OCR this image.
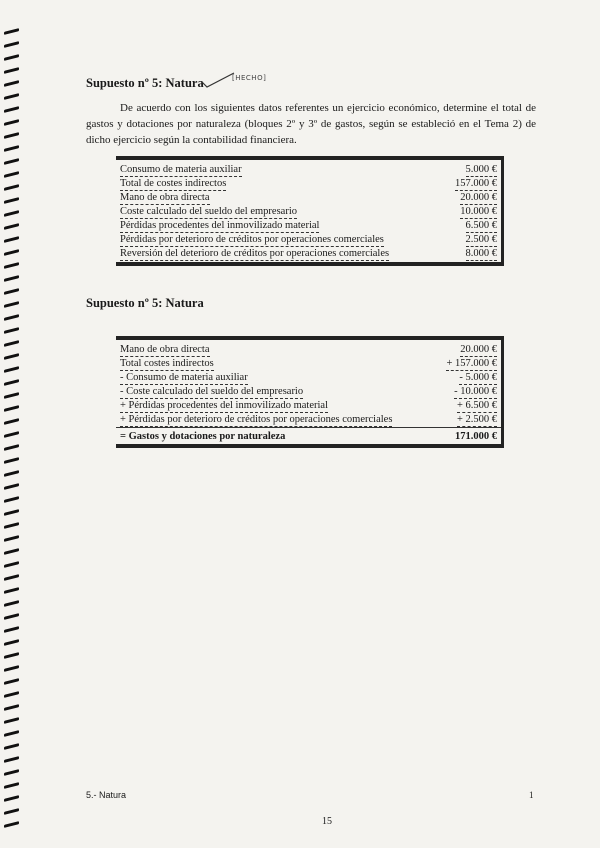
Supuesto nº 5: Natura	[HECHO]

De acuerdo con los siguientes datos referentes un ejercicio económico, determine el total de gastos y dotaciones por naturaleza (bloques 2º y 3º de gastos, según se estableció en el Tema 2) de dicho ejercicio según la contabilidad financiera.

Consumo de materia auxiliar	5.000 €
Total de costes indirectos	157.000 €
Mano de obra directa	20.000 €
Coste calculado del sueldo del empresario	10.000 €
Pérdidas procedentes del inmovilizado material	6.500 €
Pérdidas por deterioro de créditos por operaciones comerciales	2.500 €
Reversión del deterioro de créditos por operaciones comerciales	8.000 €
Supuesto nº 5: Natura
Mano de obra directa	20.000 €
Total costes indirectos	+ 157.000 €
- Consumo de materia auxiliar	- 5.000 €
- Coste calculado del sueldo del empresario	- 10.000 €
+ Pérdidas procedentes del inmovilizado material	+ 6.500 €
+ Pérdidas por deterioro de créditos por operaciones comerciales	+ 2.500 €
= Gastos y dotaciones por naturaleza	171.000 €
5.- Natura	1
15
